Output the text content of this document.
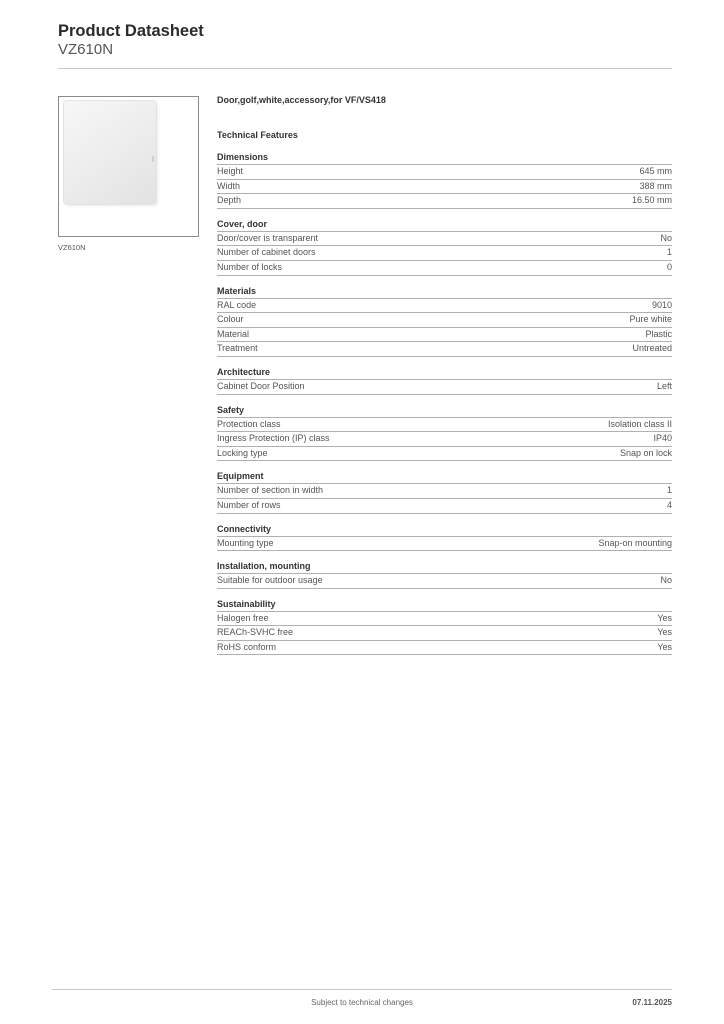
Product Datasheet
VZ610N
VZ610N
Door,golf,white,accessory,for VF/VS418
Technical Features
Dimensions
Height	645 mm
Width	388 mm
Depth	16.50 mm
Cover, door
Door/cover is transparent	No
Number of cabinet doors	1
Number of locks	0
Materials
RAL code	9010
Colour	Pure white
Material	Plastic
Treatment	Untreated
Architecture
Cabinet Door Position	Left
Safety
Protection class	Isolation class II
Ingress Protection (IP) class	IP40
Locking type	Snap on lock
Equipment
Number of section in width	1
Number of rows	4
Connectivity
Mounting type	Snap-on mounting
Installation, mounting
Suitable for outdoor usage	No
Sustainability
Halogen free	Yes
REACh-SVHC free	Yes
RoHS conform	Yes
Subject to technical changes	07.11.2025
